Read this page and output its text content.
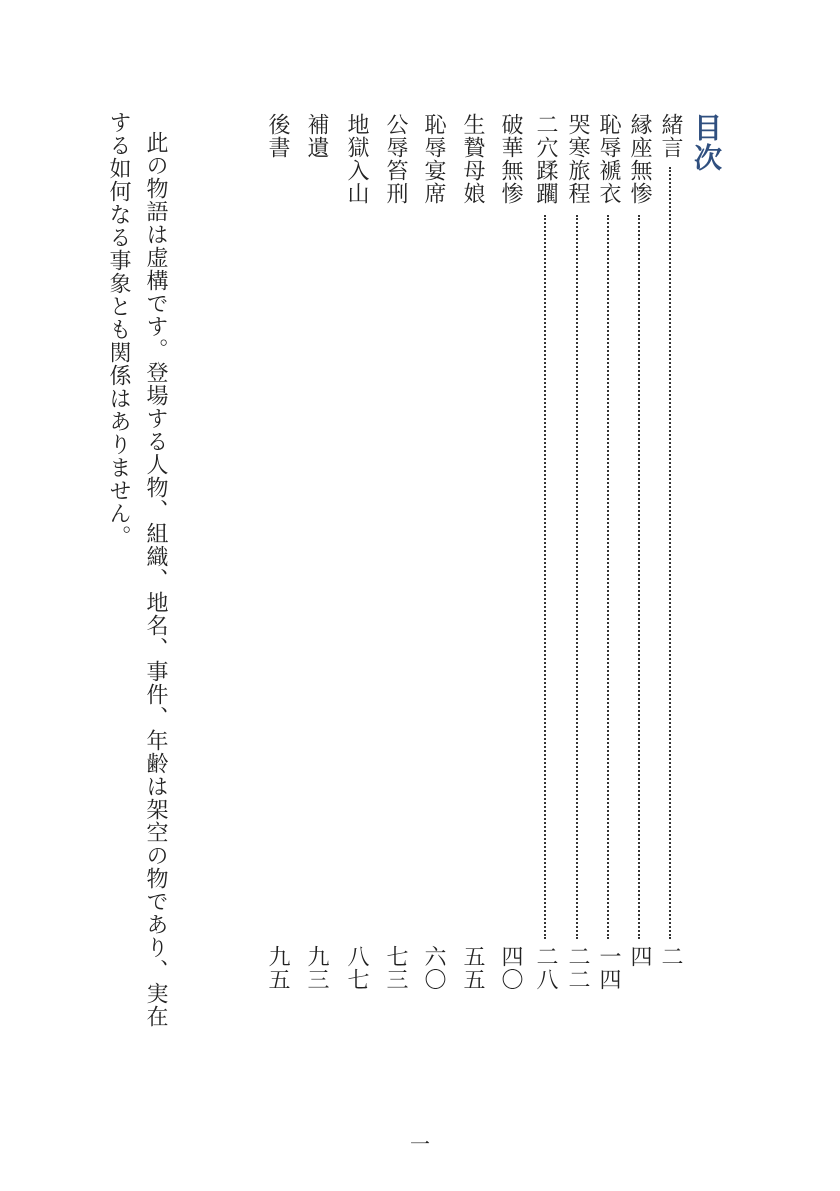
目次
緒言
二
縁座無惨
四
恥辱褫衣
一四
哭寒旅程
二二
二穴蹂躙
二八
破華無惨
四〇
生贄母娘
五五
恥辱宴席
六〇
公辱笞刑
七三
地獄入山
八七
補遺
九三
後書
九五
此の物語は虚構です。登場する人物、組織、地名、事件、年齢は架空の物であり、実在
する如何なる事象とも関係はありません。
一
